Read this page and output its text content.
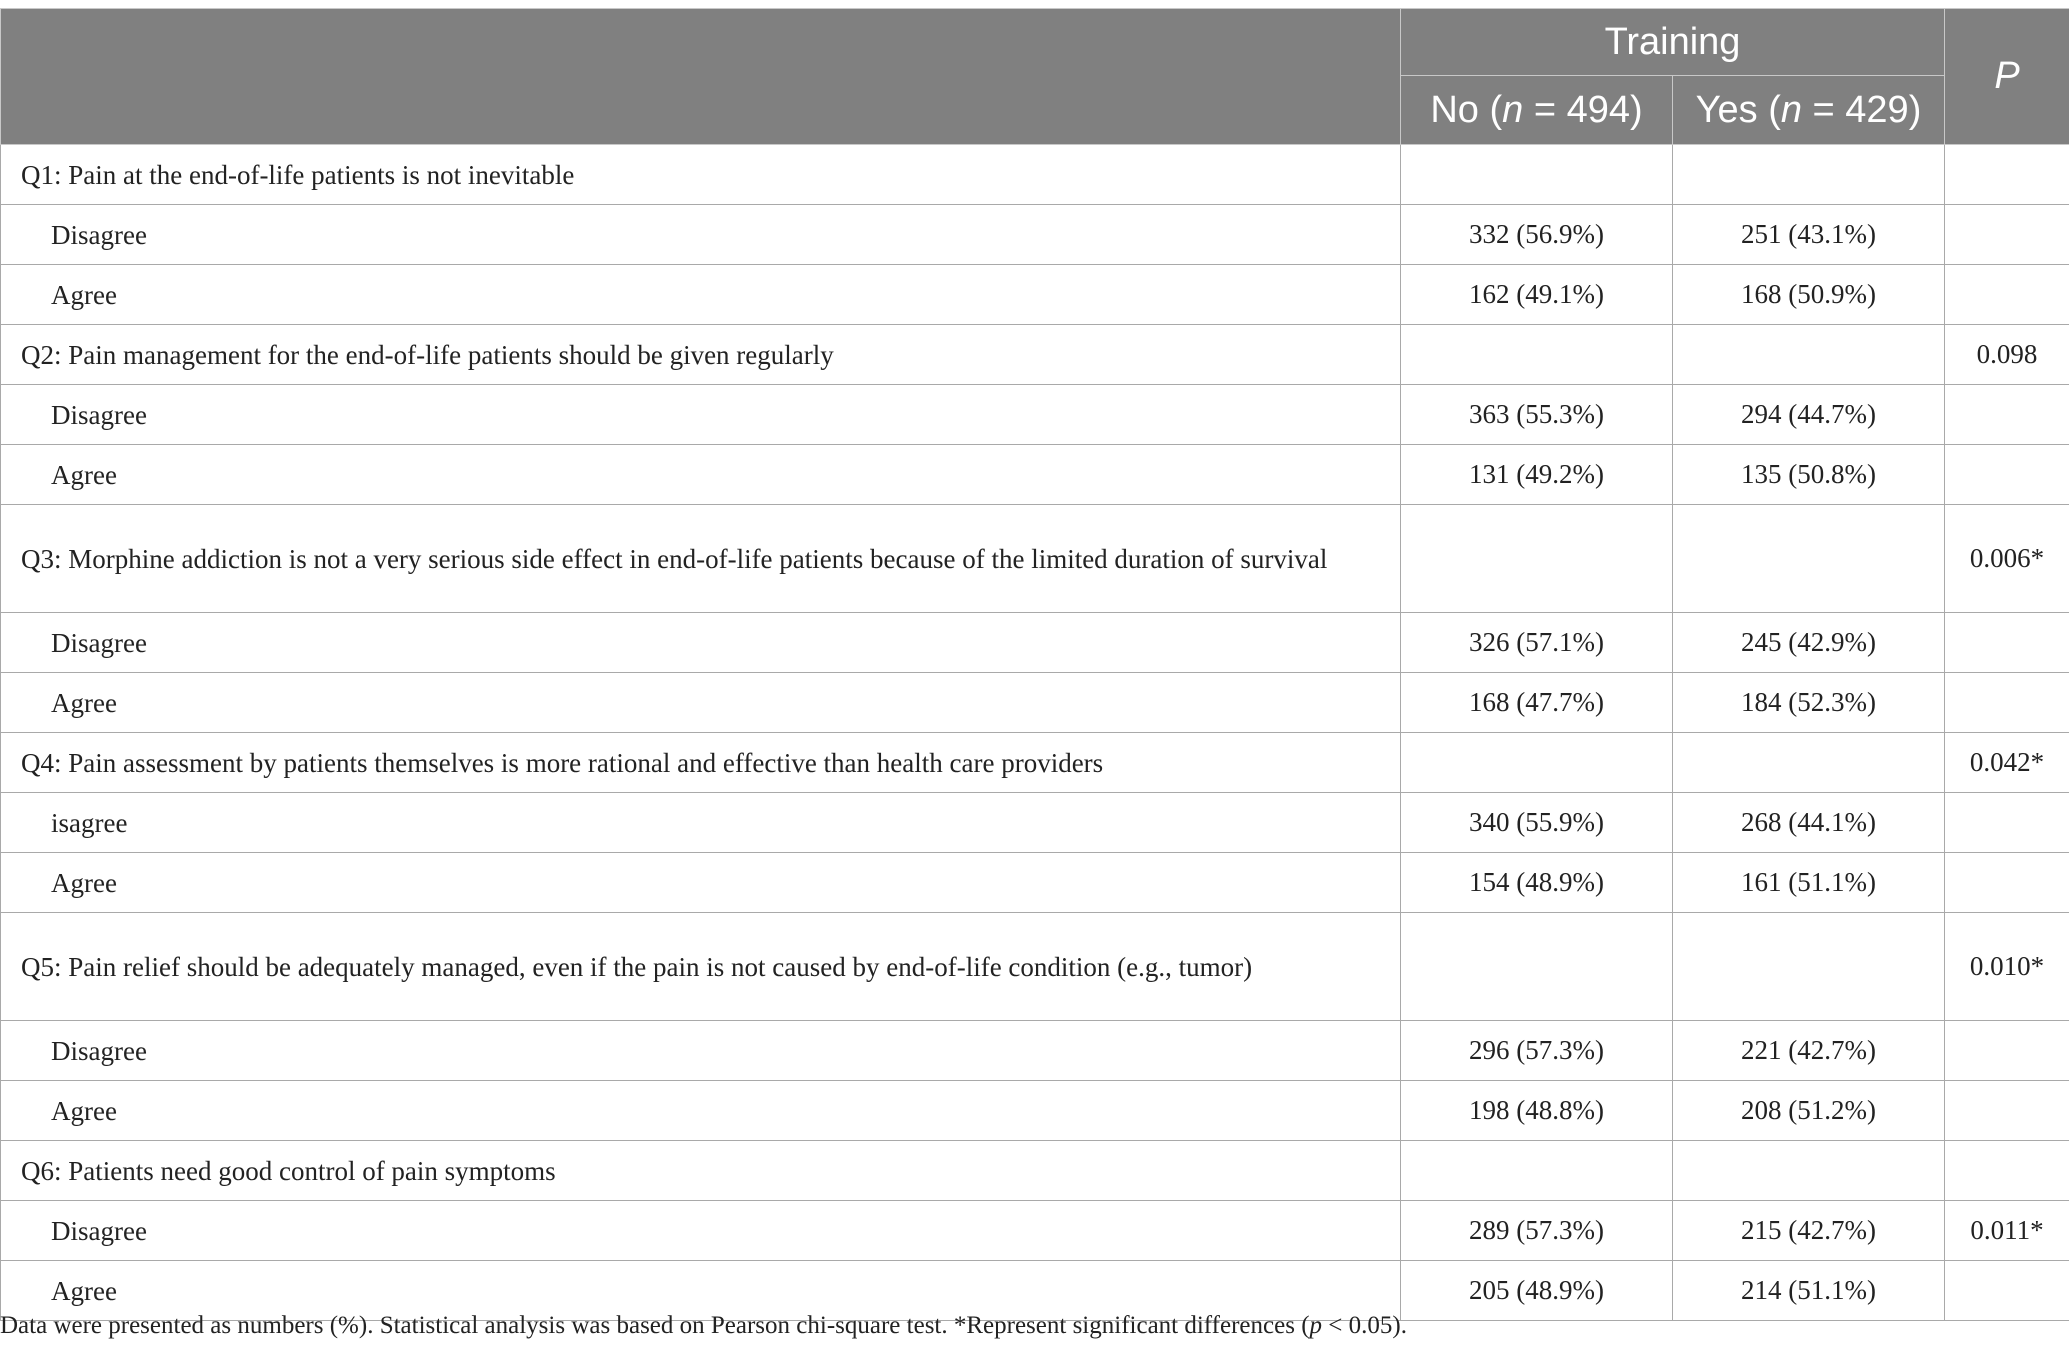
	Training		P
	No (n = 494)	Yes (n = 429)	
Q1: Pain at the end-of-life patients is not inevitable			
Disagree	332 (56.9%)	251 (43.1%)	
Agree	162 (49.1%)	168 (50.9%)	
Q2: Pain management for the end-of-life patients should be given regularly			0.098
Disagree	363 (55.3%)	294 (44.7%)	
Agree	131 (49.2%)	135 (50.8%)	
Q3: Morphine addiction is not a very serious side effect in end-of-life patients because of the limited duration of survival			0.006*
Disagree	326 (57.1%)	245 (42.9%)	
Agree	168 (47.7%)	184 (52.3%)	
Q4: Pain assessment by patients themselves is more rational and effective than health care providers			0.042*
isagree	340 (55.9%)	268 (44.1%)	
Agree	154 (48.9%)	161 (51.1%)	
Q5: Pain relief should be adequately managed, even if the pain is not caused by end-of-life condition (e.g., tumor)			0.010*
Disagree	296 (57.3%)	221 (42.7%)	
Agree	198 (48.8%)	208 (51.2%)	
Q6: Patients need good control of pain symptoms			
Disagree	289 (57.3%)	215 (42.7%)	0.011*
Agree	205 (48.9%)	214 (51.1%)	
Data were presented as numbers (%). Statistical analysis was based on Pearson chi-square test. *Represent significant differences (p < 0.05).
